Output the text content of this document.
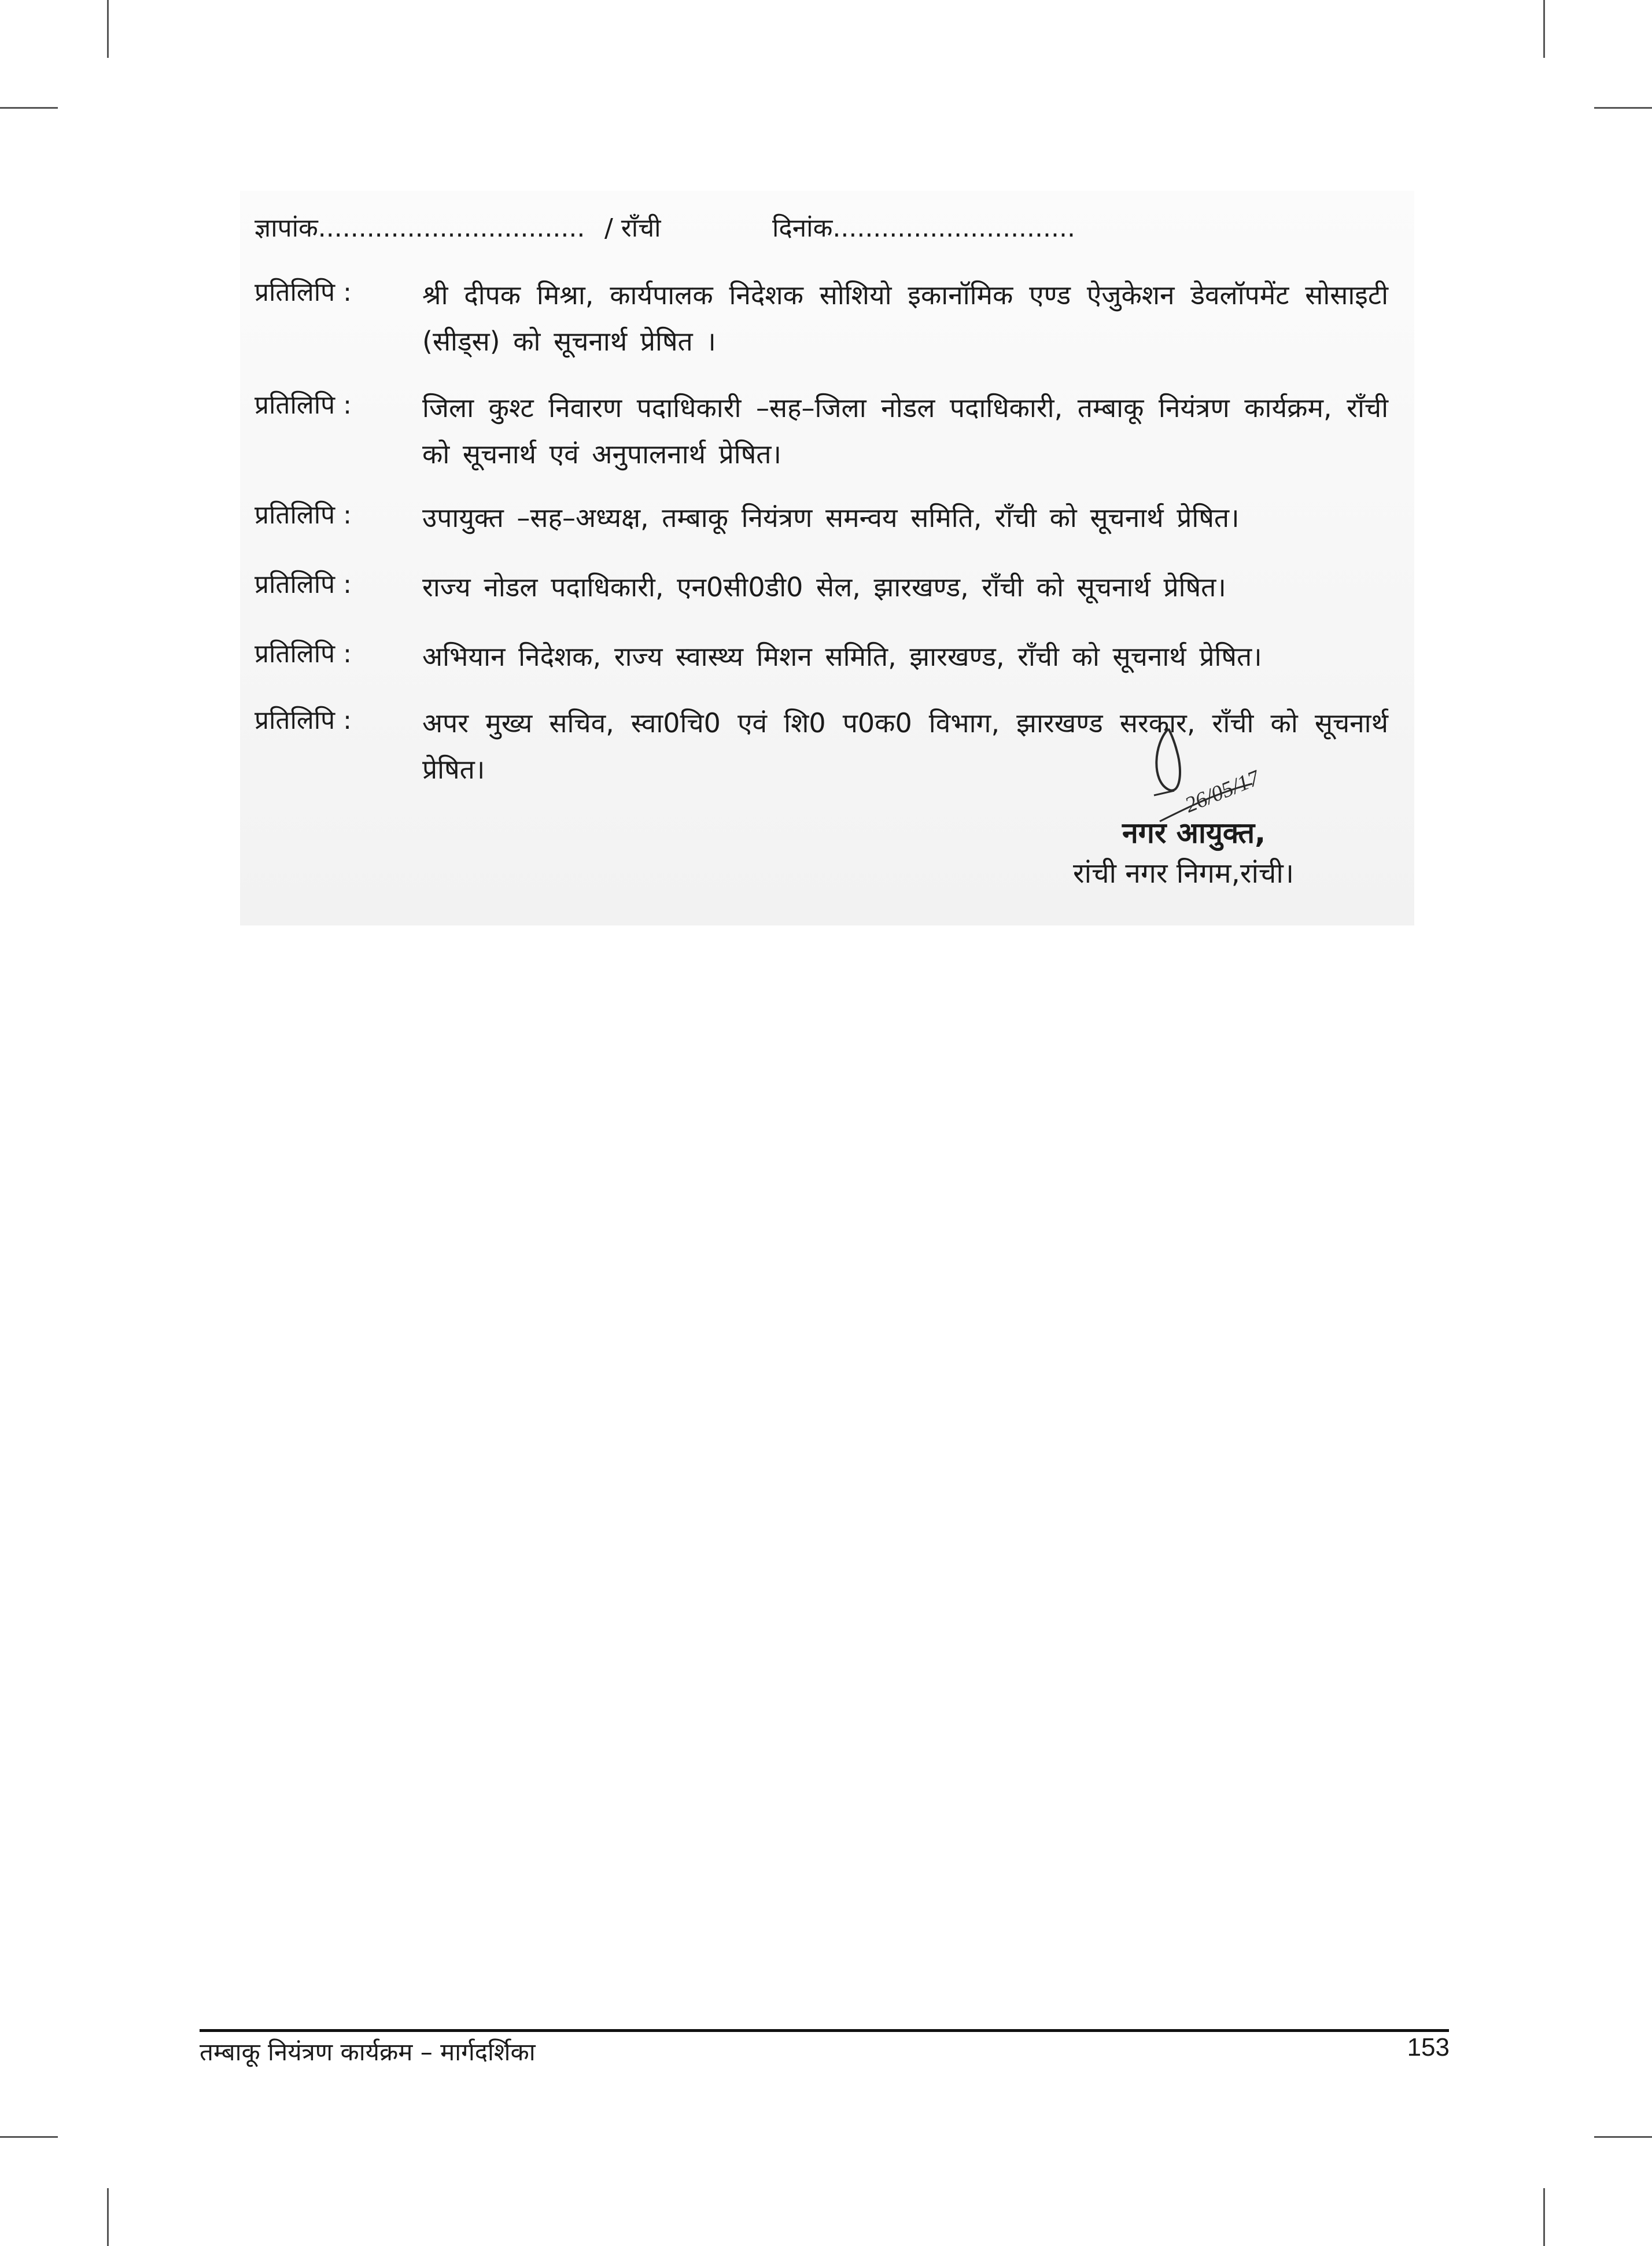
ज्ञापांक................................. / राँची	दिनांक..............................
प्रतिलिपि :	श्री दीपक मिश्रा, कार्यपालक निदेशक सोशियो इकानॉमिक एण्ड ऐजुकेशन डेवलॉपमेंट सोसाइटी (सीड्स) को सूचनार्थ प्रेषित ।
प्रतिलिपि :	जिला कुश्ट निवारण पदाधिकारी –सह–जिला नोडल पदाधिकारी, तम्बाकू नियंत्रण कार्यक्रम, राँची को सूचनार्थ एवं अनुपालनार्थ प्रेषित।
प्रतिलिपि :	उपायुक्त –सह–अध्यक्ष, तम्बाकू नियंत्रण समन्वय समिति, राँची को सूचनार्थ प्रेषित।
प्रतिलिपि :	राज्य नोडल पदाधिकारी, एन0सी0डी0 सेल, झारखण्ड, राँची को सूचनार्थ प्रेषित।
प्रतिलिपि :	अभियान निदेशक, राज्य स्वास्थ्य मिशन समिति, झारखण्ड, राँची को सूचनार्थ प्रेषित।
प्रतिलिपि :	अपर मुख्य सचिव, स्वा0चि0 एवं शि0 प0क0 विभाग, झारखण्ड सरकार, राँची को सूचनार्थ प्रेषित।	26/05/17
नगर आयुक्त,
रांची नगर निगम,रांची।
तम्बाकू नियंत्रण कार्यक्रम – मार्गदर्शिका	153
